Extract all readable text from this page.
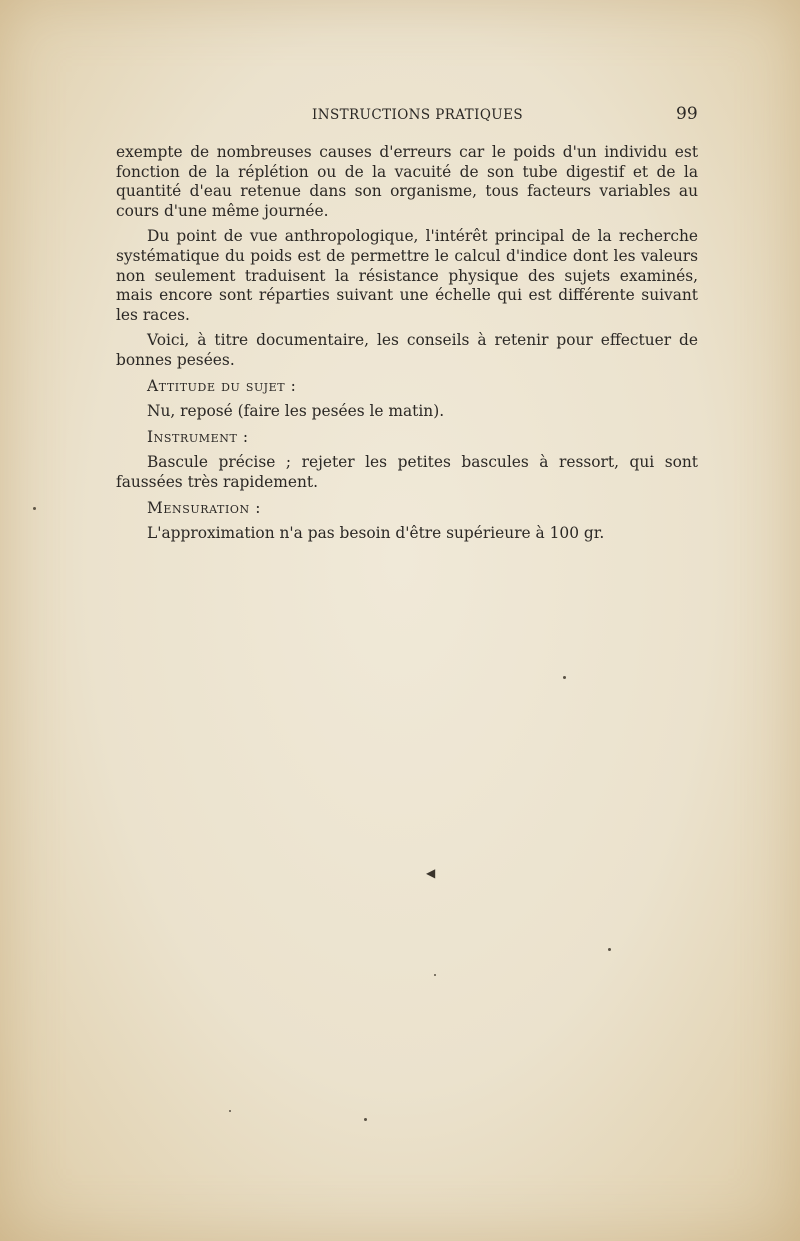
INSTRUCTIONS PRATIQUES	99

exempte de nombreuses causes d'erreurs car le poids d'un individu est fonction de la réplétion ou de la vacuité de son tube digestif et de la quantité d'eau retenue dans son organisme, tous facteurs variables au cours d'une même journée.

Du point de vue anthropologique, l'intérêt principal de la recherche systématique du poids est de permettre le calcul d'indice dont les valeurs non seulement traduisent la résistance physique des sujets examinés, mais encore sont réparties suivant une échelle qui est différente suivant les races.

Voici, à titre documentaire, les conseils à retenir pour effectuer de bonnes pesées.

Attitude du sujet :

Nu, reposé (faire les pesées le matin).

Instrument :

Bascule précise ; rejeter les petites bascules à ressort, qui sont faussées très rapidement.

Mensuration :

L'approximation n'a pas besoin d'être supérieure à 100 gr.

◀
